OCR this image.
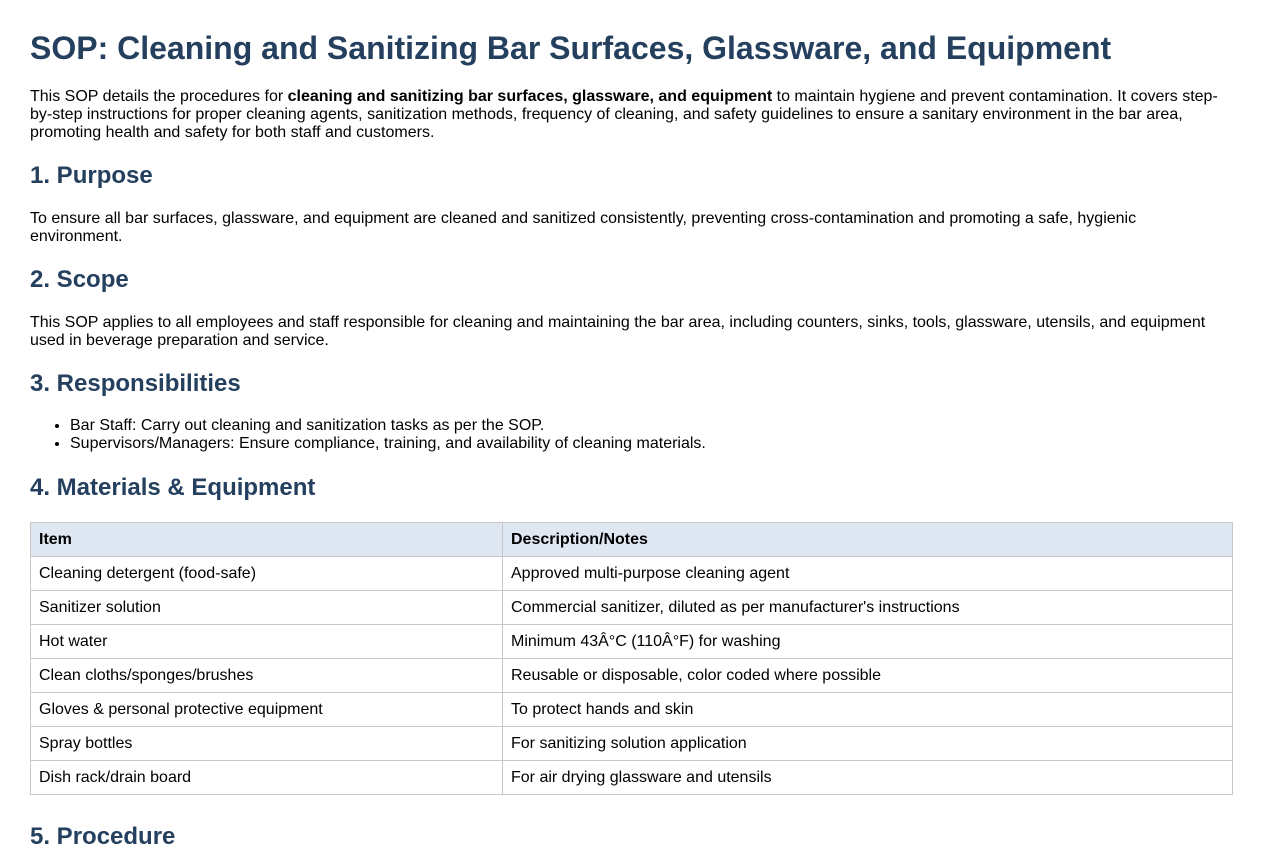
SOP: Cleaning and Sanitizing Bar Surfaces, Glassware, and Equipment

This SOP details the procedures for cleaning and sanitizing bar surfaces, glassware, and equipment to maintain hygiene and prevent contamination. It covers step-by-step instructions for proper cleaning agents, sanitization methods, frequency of cleaning, and safety guidelines to ensure a sanitary environment in the bar area, promoting health and safety for both staff and customers.

1. Purpose

To ensure all bar surfaces, glassware, and equipment are cleaned and sanitized consistently, preventing cross-contamination and promoting a safe, hygienic environment.

2. Scope

This SOP applies to all employees and staff responsible for cleaning and maintaining the bar area, including counters, sinks, tools, glassware, utensils, and equipment used in beverage preparation and service.

3. Responsibilities
• Bar Staff: Carry out cleaning and sanitization tasks as per the SOP.
• Supervisors/Managers: Ensure compliance, training, and availability of cleaning materials.
4. Materials & Equipment
Item	Description/Notes
Cleaning detergent (food-safe)	Approved multi-purpose cleaning agent
Sanitizer solution	Commercial sanitizer, diluted as per manufacturer's instructions
Hot water	Minimum 43Â°C (110Â°F) for washing
Clean cloths/sponges/brushes	Reusable or disposable, color coded where possible
Gloves & personal protective equipment	To protect hands and skin
Spray bottles	For sanitizing solution application
Dish rack/drain board	For air drying glassware and utensils
5. Procedure
